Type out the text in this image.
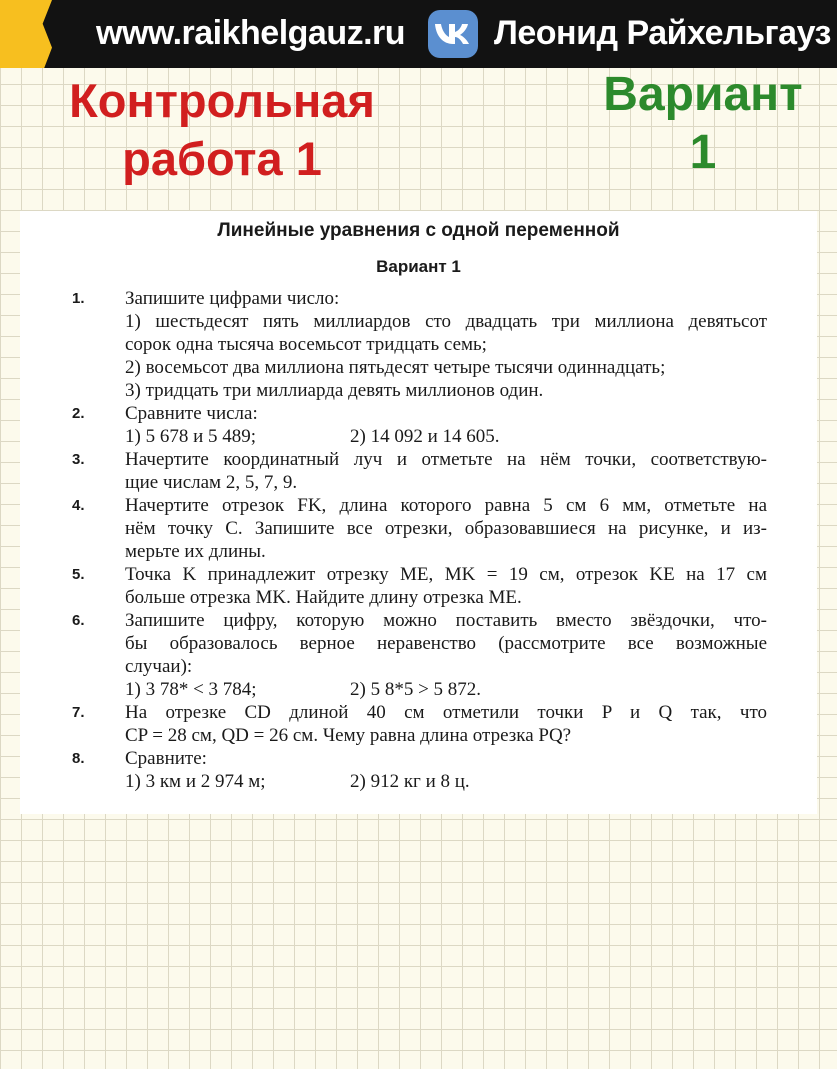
www.raikhelgauz.ru	Леонид Райхельгауз
Контрольная
работа 1
Вариант
1
Линейные уравнения с одной переменной
Вариант 1
1.	Запишите цифрами число:
1) шестьдесят пять миллиардов сто двадцать три миллиона девятьсот
сорок одна тысяча восемьсот тридцать семь;
2) восемьсот два миллиона пятьдесят четыре тысячи одиннадцать;
3) тридцать три миллиарда девять миллионов один.
2.	Сравните числа:
1) 5 678 и 5 489;	2) 14 092 и 14 605.
3.	Начертите координатный луч и отметьте на нём точки, соответствую-
щие числам 2, 5, 7, 9.
4.	Начертите отрезок FK, длина которого равна 5 см 6 мм, отметьте на
нём точку C. Запишите все отрезки, образовавшиеся на рисунке, и из-
мерьте их длины.
5.	Точка K принадлежит отрезку ME, MK = 19 см, отрезок KE на 17 см
больше отрезка MK. Найдите длину отрезка ME.
6.	Запишите цифру, которую можно поставить вместо звёздочки, что-
бы образовалось верное неравенство (рассмотрите все возможные
случаи):
1) 3 78* < 3 784;	2) 5 8*5 > 5 872.
7.	На отрезке CD длиной 40 см отметили точки P и Q так, что
CP = 28 см, QD = 26 см. Чему равна длина отрезка PQ?
8.	Сравните:
1) 3 км и 2 974 м;	2) 912 кг и 8 ц.
